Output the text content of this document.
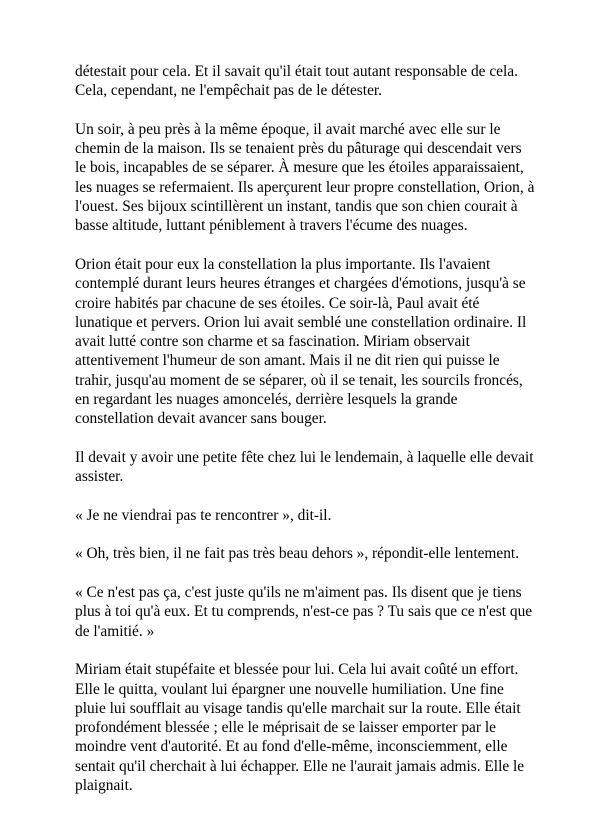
détestait pour cela. Et il savait qu'il était tout autant responsable de cela. Cela, cependant, ne l'empêchait pas de le détester.

Un soir, à peu près à la même époque, il avait marché avec elle sur le chemin de la maison. Ils se tenaient près du pâturage qui descendait vers le bois, incapables de se séparer. À mesure que les étoiles apparaissaient, les nuages se refermaient. Ils aperçurent leur propre constellation, Orion, à l'ouest. Ses bijoux scintillèrent un instant, tandis que son chien courait à basse altitude, luttant péniblement à travers l'écume des nuages.

Orion était pour eux la constellation la plus importante. Ils l'avaient contemplé durant leurs heures étranges et chargées d'émotions, jusqu'à se croire habités par chacune de ses étoiles. Ce soir-là, Paul avait été lunatique et pervers. Orion lui avait semblé une constellation ordinaire. Il avait lutté contre son charme et sa fascination. Miriam observait attentivement l'humeur de son amant. Mais il ne dit rien qui puisse le trahir, jusqu'au moment de se séparer, où il se tenait, les sourcils froncés, en regardant les nuages amoncelés, derrière lesquels la grande constellation devait avancer sans bouger.

Il devait y avoir une petite fête chez lui le lendemain, à laquelle elle devait assister.

« Je ne viendrai pas te rencontrer », dit-il.

« Oh, très bien, il ne fait pas très beau dehors », répondit-elle lentement.

« Ce n'est pas ça, c'est juste qu'ils ne m'aiment pas. Ils disent que je tiens plus à toi qu'à eux. Et tu comprends, n'est-ce pas ? Tu sais que ce n'est que de l'amitié. »

Miriam était stupéfaite et blessée pour lui. Cela lui avait coûté un effort. Elle le quitta, voulant lui épargner une nouvelle humiliation. Une fine pluie lui soufflait au visage tandis qu'elle marchait sur la route. Elle était profondément blessée ; elle le méprisait de se laisser emporter par le moindre vent d'autorité. Et au fond d'elle-même, inconsciemment, elle sentait qu'il cherchait à lui échapper. Elle ne l'aurait jamais admis. Elle le plaignait.
